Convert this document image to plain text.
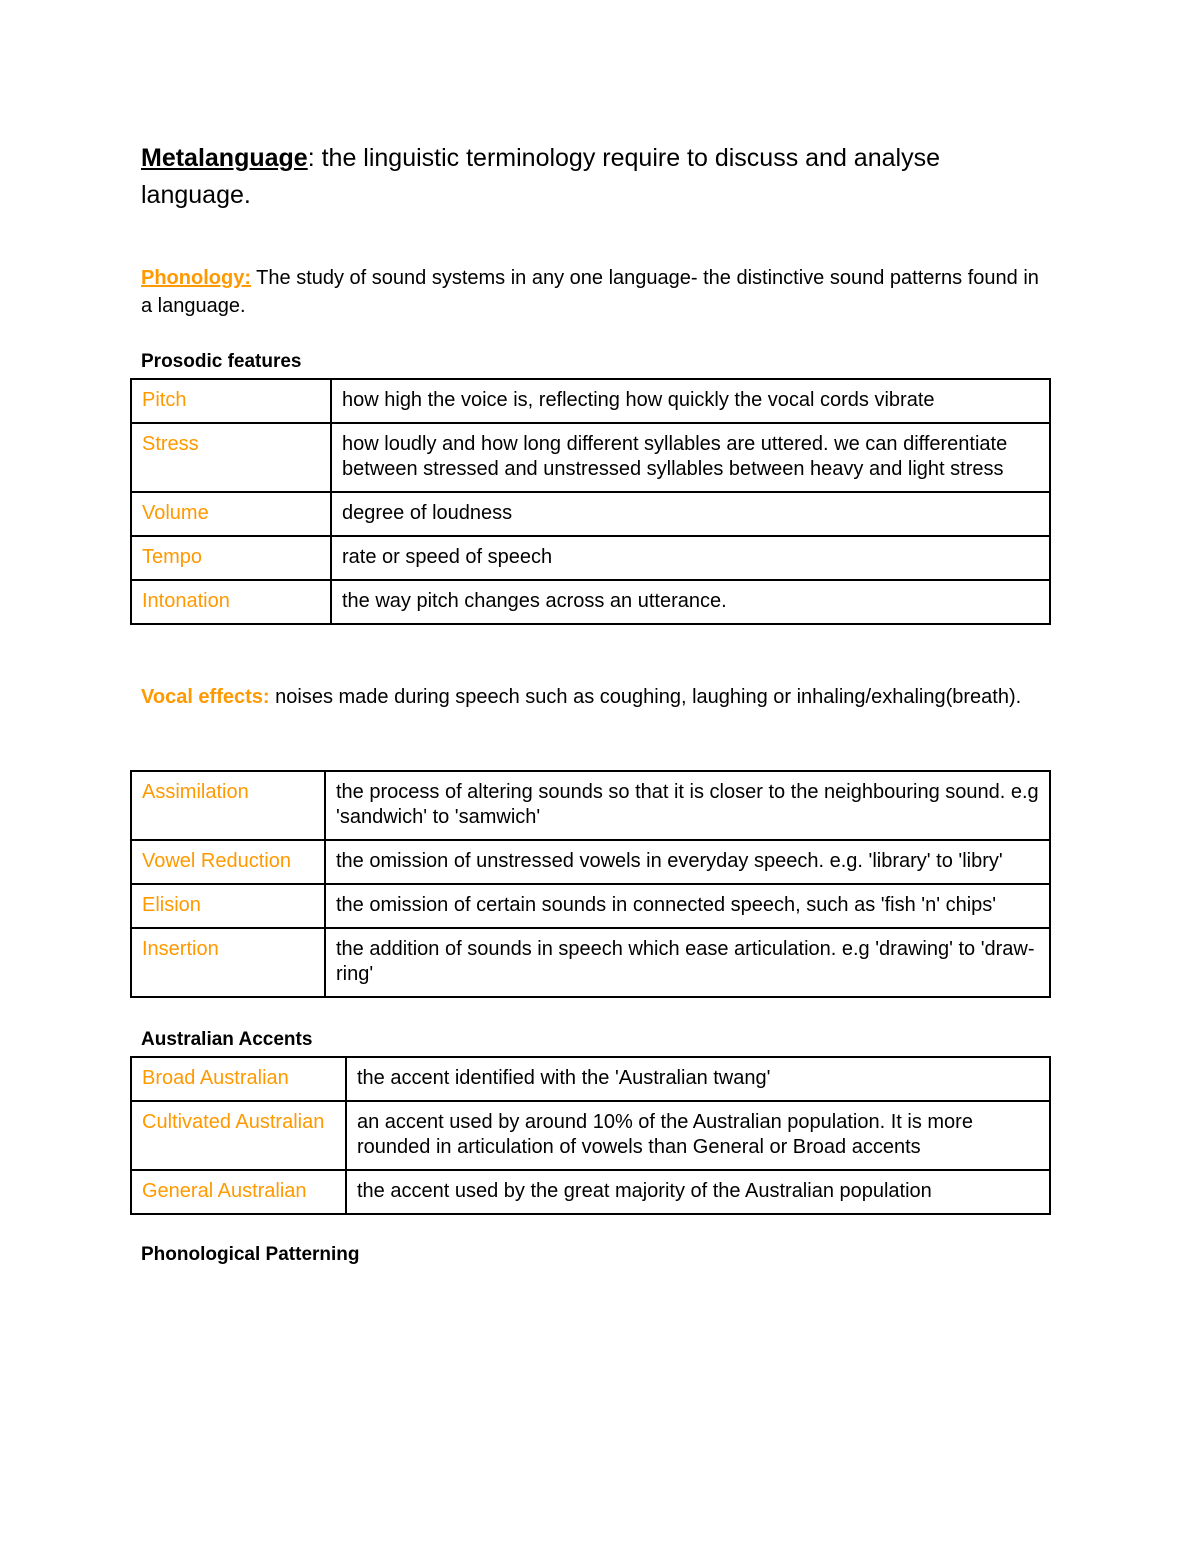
Metalanguage: the linguistic terminology require to discuss and analyse language.

Phonology: The study of sound systems in any one language- the distinctive sound patterns found in a language.

Prosodic features
Pitch	how high the voice is, reflecting how quickly the vocal cords vibrate
Stress	how loudly and how long different syllables are uttered. we can differentiate between stressed and unstressed syllables between heavy and light stress
Volume	degree of loudness
Tempo	rate or speed of speech
Intonation	the way pitch changes across an utterance.

Vocal effects: noises made during speech such as coughing, laughing or inhaling/exhaling(breath).

Assimilation	the process of altering sounds so that it is closer to the neighbouring sound. e.g 'sandwich' to 'samwich'
Vowel Reduction	the omission of unstressed vowels in everyday speech. e.g. 'library' to 'libry'
Elision	the omission of certain sounds in connected speech, such as 'fish 'n' chips'
Insertion	the addition of sounds in speech which ease articulation. e.g 'drawing' to 'draw-ring'
Australian Accents
Broad Australian	the accent identified with the 'Australian twang'
Cultivated Australian	an accent used by around 10% of the Australian population. It is more rounded in articulation of vowels than General or Broad accents
General Australian	the accent used by the great majority of the Australian population
Phonological Patterning
